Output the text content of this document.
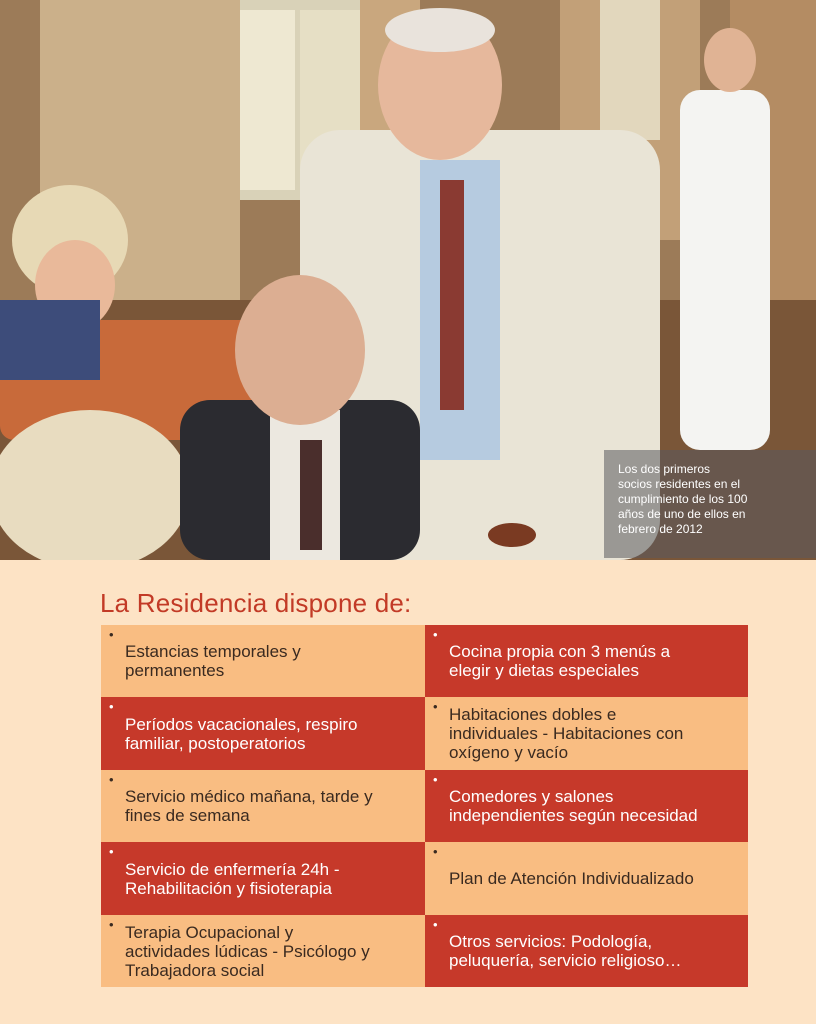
Los dos primeros
socios residentes en el
cumplimiento de los 100
años de uno de ellos en
febrero de 2012
La Residencia dispone de:
•
Estancias temporales y
permanentes
•
Cocina propia con 3 menús a
elegir y dietas especiales
•
Períodos vacacionales, respiro
familiar, postoperatorios
• Habitaciones dobles e
individuales - Habitaciones con
oxígeno y vacío
•
Servicio médico mañana, tarde y
fines de semana
•
Comedores y salones
independientes según necesidad
•
Servicio de enfermería 24h -
Rehabilitación y fisioterapia
•
Plan de Atención Individualizado
• Terapia Ocupacional y
actividades lúdicas - Psicólogo y
Trabajadora social
•
Otros servicios: Podología,
peluquería, servicio religioso…
